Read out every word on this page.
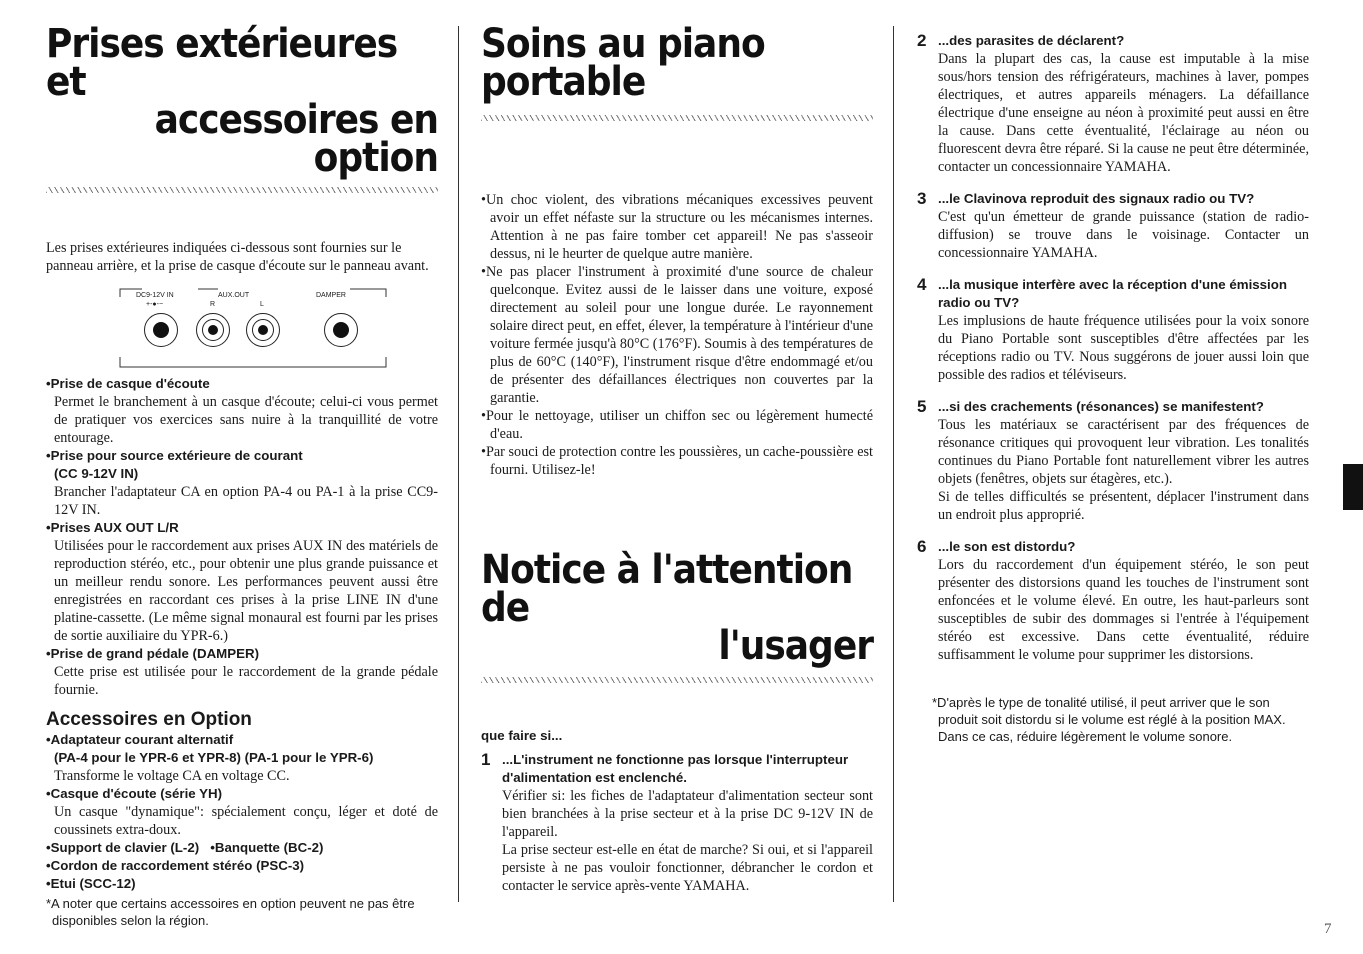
Prises extérieures et
accessoires en option

Les prises extérieures indiquées ci-dessous sont fournies sur le panneau arrière, et la prise de casque d'écoute sur le panneau avant.

DC9-12V IN
+-●-−
AUX.OUT
R	L
DAMPER
•Prise de casque d'écoute

Permet le branchement à un casque d'écoute; celui-ci vous permet de pratiquer vos exercices sans nuire à la tranquillité de votre entourage.

•Prise pour source extérieure de courant
(CC 9-12V IN)

Brancher l'adaptateur CA en option PA-4 ou PA-1 à la prise CC9-12V IN.

•Prises AUX OUT L/R

Utilisées pour le raccordement aux prises AUX IN des matériels de reproduction stéréo, etc., pour obtenir une plus grande puissance et un meilleur rendu sonore. Les performances peuvent aussi être enregistrées en raccordant ces prises à la prise LINE IN d'une platine-cassette. (Le même signal monaural est fourni par les prises de sortie auxiliaire du YPR-6.)

•Prise de grand pédale (DAMPER)

Cette prise est utilisée pour le raccordement de la grande pédale fournie.

Accessoires en Option
•Adaptateur courant alternatif
(PA-4 pour le YPR-6 et YPR-8) (PA-1 pour le YPR-6)

Transforme le voltage CA en voltage CC.

•Casque d'écoute (série YH)

Un casque "dynamique": spécialement conçu, léger et doté de coussinets extra-doux.

•Support de clavier (L-2)   •Banquette (BC-2)
•Cordon de raccordement stéréo (PSC-3)
•Etui (SCC-12)

*A noter que certains accessoires en option peuvent ne pas être disponibles selon la région.

Soins au piano portable

•Un choc violent, des vibrations mécaniques excessives peuvent avoir un effet néfaste sur la structure ou les mécanismes internes. Attention à ne pas faire tomber cet appareil! Ne pas s'asseoir dessus, ni le heurter de quelque autre manière.

•Ne pas placer l'instrument à proximité d'une source de chaleur quelconque. Evitez aussi de le laisser dans une voiture, exposé directement au soleil pour une longue durée. Le rayonnement solaire direct peut, en effet, élever, la température à l'intérieur d'une voiture fermée jusqu'à 80°C (176°F). Soumis à des températures de plus de 60°C (140°F), l'instrument risque d'être endommagé et/ou de présenter des défaillances électriques non couvertes par la garantie.

•Pour le nettoyage, utiliser un chiffon sec ou légèrement humecté d'eau.

•Par souci de protection contre les poussières, un cache-poussière est fourni. Utilisez-le!

Notice à l'attention de
l'usager
que faire si...
1 ...L'instrument ne fonctionne pas lorsque l'interrupteur d'alimentation est enclenché.

Vérifier si: les fiches de l'adaptateur d'alimentation secteur sont bien branchées à la prise secteur et à la prise DC 9-12V IN de l'appareil.

La prise secteur est-elle en état de marche? Si oui, et si l'appareil persiste à ne pas vouloir fonctionner, débrancher le cordon et contacter le service après-vente YAMAHA.

2 ...des parasites de déclarent?

Dans la plupart des cas, la cause est imputable à la mise sous/hors tension des réfrigérateurs, machines à laver, pompes électriques, et autres appareils ménagers. La défaillance électrique d'une enseigne au néon à proximité peut aussi en être la cause. Dans cette éventualité, l'éclairage au néon ou fluorescent devra être réparé. Si la cause ne peut être déterminée, contacter un concessionnaire YAMAHA.

3 ...le Clavinova reproduit des signaux radio ou TV?

C'est qu'un émetteur de grande puissance (station de radio-diffusion) se trouve dans le voisinage. Contacter un concessionnaire YAMAHA.

4 ...la musique interfère avec la réception d'une émission radio ou TV?

Les implusions de haute fréquence utilisées pour la voix sonore du Piano Portable sont susceptibles d'être affectées par les réceptions radio ou TV. Nous suggérons de jouer aussi loin que possible des radios et téléviseurs.

5 ...si des crachements (résonances) se manifestent?

Tous les matériaux se caractérisent par des fréquences de résonance critiques qui provoquent leur vibration. Les tonalités continues du Piano Portable font naturellement vibrer les autres objets (fenêtres, objets sur étagères, etc.).

Si de telles difficultés se présentent, déplacer l'instrument dans un endroit plus approprié.

6 ...le son est distordu?

Lors du raccordement d'un équipement stéréo, le son peut présenter des distorsions quand les touches de l'instrument sont enfoncées et le volume élevé. En outre, les haut-parleurs sont susceptibles de subir des dommages si l'entrée à l'équipement stéréo est excessive. Dans cette éventualité, réduire suffisamment le volume pour supprimer les distorsions.

*D'après le type de tonalité utilisé, il peut arriver que le son produit soit distordu si le volume est réglé à la position MAX. Dans ce cas, réduire légèrement le volume sonore.

7
